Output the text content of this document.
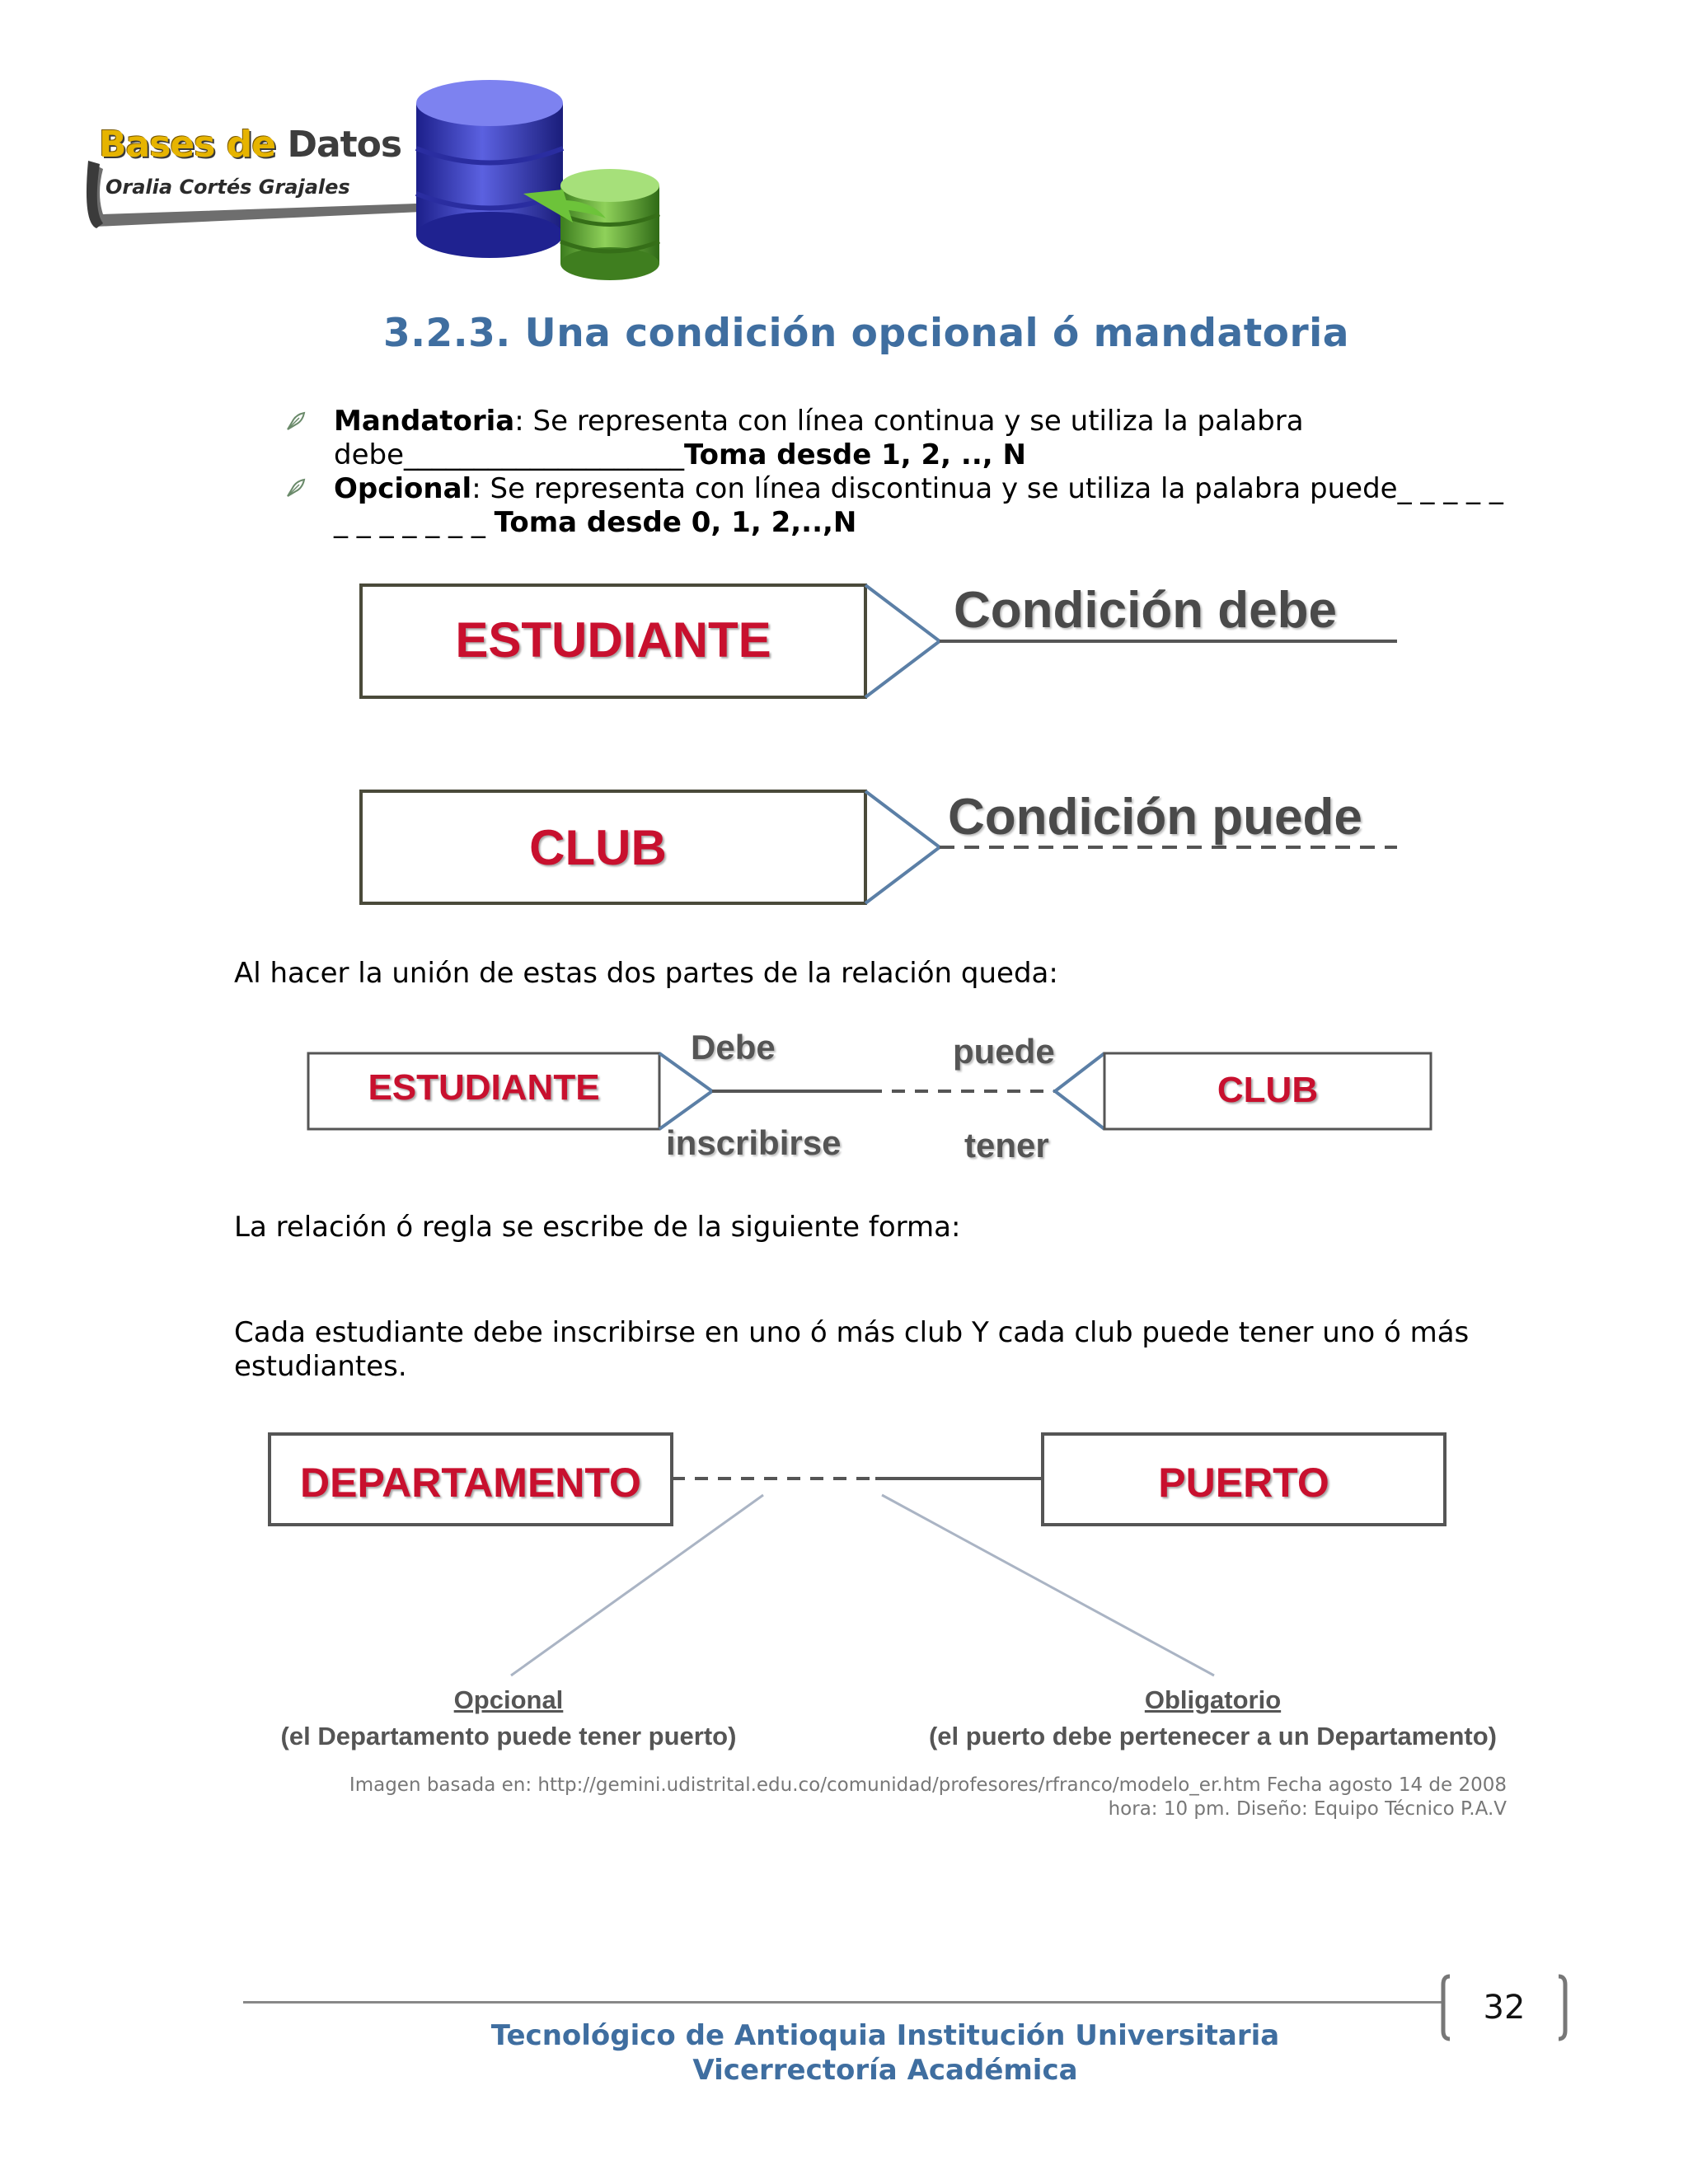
Bases de Datos
Oralia Cortés Grajales
3.2.3. Una condición opcional ó mandatoria
Mandatoria: Se representa con línea continua y se utiliza la palabra
debe____________________Toma desde 1, 2, .., N
Opcional: Se representa con línea discontinua y se utiliza la palabra puede_ _ _ _ _
_ _ _ _ _ _ _ Toma desde 0, 1, 2,..,N
ESTUDIANTE
Condición debe
CLUB
Condición puede
Al hacer la unión de estas dos partes de la relación queda:
ESTUDIANTE	CLUB
Debe
inscribirse
puede
tener
La relación ó regla se escribe de la siguiente forma:
Cada estudiante debe inscribirse en uno ó más club Y cada club puede tener uno ó más
estudiantes.
DEPARTAMENTO	PUERTO
Opcional
(el Departamento puede tener puerto)
Obligatorio
(el puerto debe pertenecer a un Departamento)
Imagen basada en: http://gemini.udistrital.edu.co/comunidad/profesores/rfranco/modelo_er.htm Fecha agosto 14 de 2008
hora: 10 pm. Diseño: Equipo Técnico P.A.V
32
Tecnológico de Antioquia Institución Universitaria
Vicerrectoría Académica
